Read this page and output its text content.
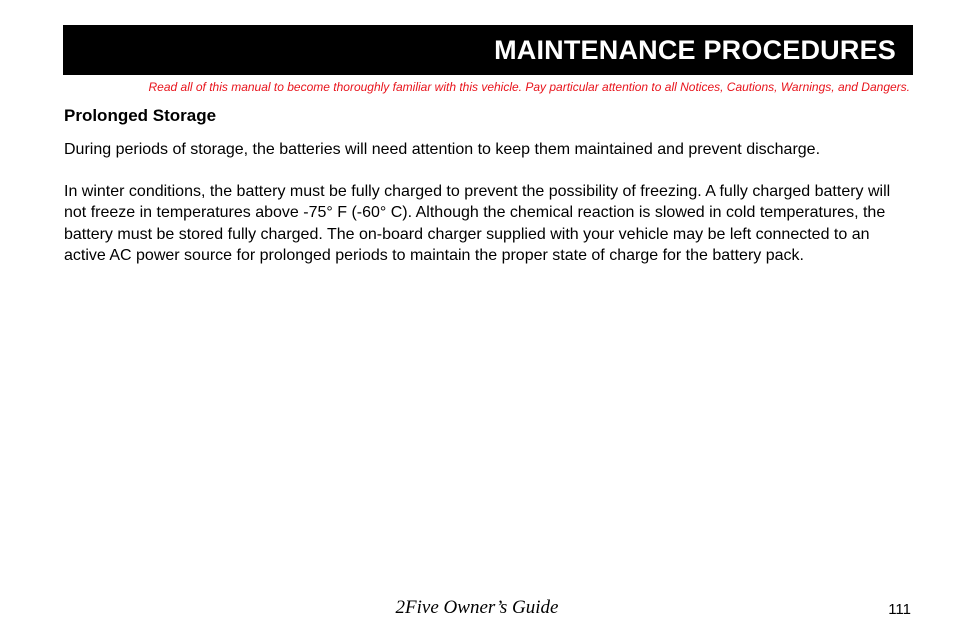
MAINTENANCE PROCEDURES
Read all of this manual to become thoroughly familiar with this vehicle. Pay particular attention to all Notices, Cautions, Warnings, and Dangers.
Prolonged Storage

During periods of storage, the batteries will need attention to keep them maintained and prevent discharge.

In winter conditions, the battery must be fully charged to prevent the possibility of freezing. A fully charged battery will not freeze in temperatures above -75° F (-60° C). Although the chemical reaction is slowed in cold temperatures, the battery must be stored fully charged. The on-board charger supplied with your vehicle may be left connected to an active AC power source for prolonged periods to maintain the proper state of charge for the battery pack.

2Five Owner’s Guide	111
